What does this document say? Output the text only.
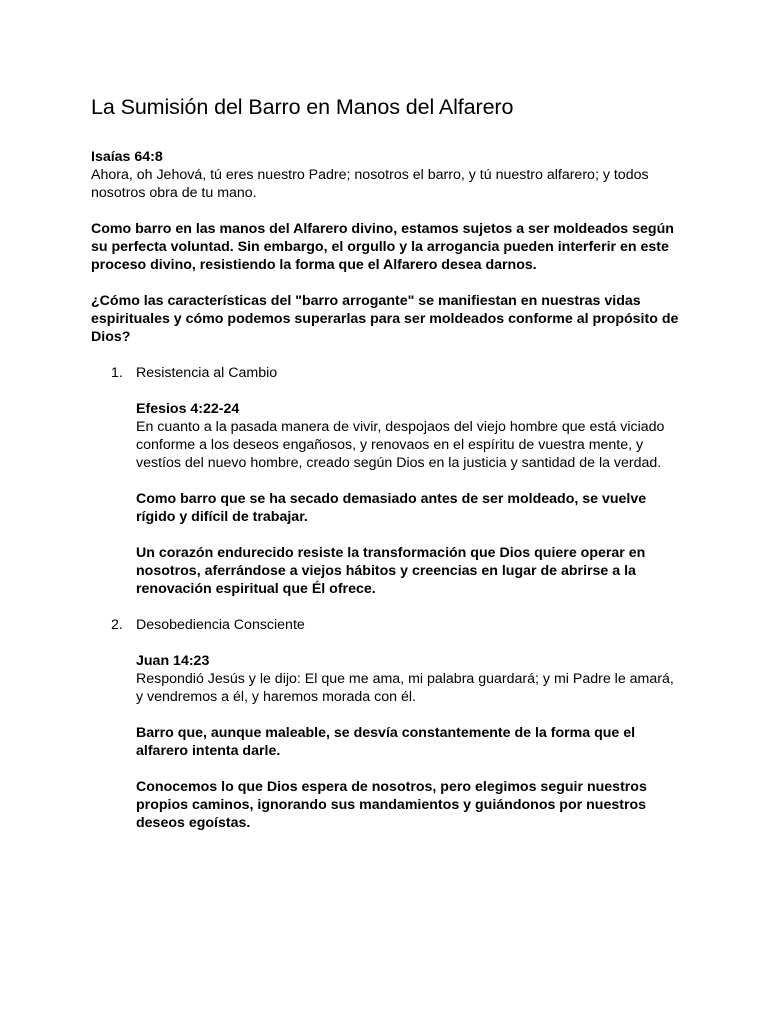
La Sumisión del Barro en Manos del Alfarero
Isaías 64:8
Ahora, oh Jehová, tú eres nuestro Padre; nosotros el barro, y tú nuestro alfarero; y todos nosotros obra de tu mano.

Como barro en las manos del Alfarero divino, estamos sujetos a ser moldeados según su perfecta voluntad. Sin embargo, el orgullo y la arrogancia pueden interferir en este proceso divino, resistiendo la forma que el Alfarero desea darnos.

¿Cómo las características del "barro arrogante" se manifiestan en nuestras vidas espirituales y cómo podemos superarlas para ser moldeados conforme al propósito de Dios?

1. Resistencia al Cambio
Efesios 4:22-24
En cuanto a la pasada manera de vivir, despojaos del viejo hombre que está viciado conforme a los deseos engañosos, y renovaos en el espíritu de vuestra mente, y vestíos del nuevo hombre, creado según Dios en la justicia y santidad de la verdad.

Como barro que se ha secado demasiado antes de ser moldeado, se vuelve rígido y difícil de trabajar.

Un corazón endurecido resiste la transformación que Dios quiere operar en nosotros, aferrándose a viejos hábitos y creencias en lugar de abrirse a la renovación espiritual que Él ofrece.

2. Desobediencia Consciente
Juan 14:23
Respondió Jesús y le dijo: El que me ama, mi palabra guardará; y mi Padre le amará, y vendremos a él, y haremos morada con él.

Barro que, aunque maleable, se desvía constantemente de la forma que el alfarero intenta darle.

Conocemos lo que Dios espera de nosotros, pero elegimos seguir nuestros propios caminos, ignorando sus mandamientos y guiándonos por nuestros deseos egoístas.
